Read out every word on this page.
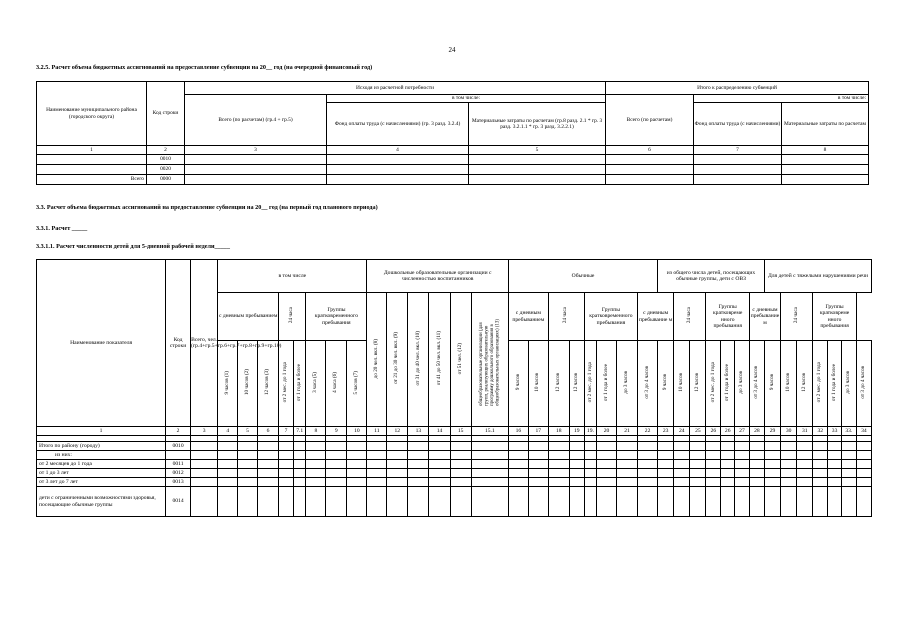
24
3.2.5. Расчет объема бюджетных ассигнований на предоставление субвенции на 20__ год (на очередной финансовый год)
Наименование муниципального района (городского округа)	Код строки	Исходя из расчетной потребности			Итого к распределению субвенций		
		Всего (по расчетам) (гр.4 + гр.5)	в том числе:		Всего (по расчетам)	в том числе:	
			Фонд оплаты труда (с начислениями) (гр. 3 разд. 3.2.4)	Материальные затраты по расчетам (гр.8 разд. 2.1 * гр. 3 разд. 3.2.1.1 * гр. 3 разд. 3.2.2.1)		Фонд оплаты труда (с начислениями)	Материальные затраты по расчетам
1	2	3	4	5	6	7	8
	0010						
	0020						
Всего	0000						
3.3. Расчет объема бюджетных ассигнований на предоставление субвенции на 20__ год (на первый год планового периода)
3.3.1. Расчет _____
3.3.1.1. Расчет численности детей для 5-дневной рабочей недели_____
Наименование показателя	Код строки	Всего, чел. (гр.4+гр.5+гр.6+гр.7+гр.8+гр.9+гр.10)	в том числе								Дошкольные образовательные организации с численностью воспитанников						Обычные								из общего числа детей, посещающих обычные группы, дети с ОВЗ							Для детей с тяжелыми нарушениями речи						
			с дневным пребыванием			24 часа		Группы кратковременного пребывания			до 20 чел. вкл. (8)	от 21 до 30 чел. вкл. (9)	от 31 до 40 чел. вкл. (10)	от 41 до 50 чел. вкл. (11)	от 51 чел. (12)	общеобразовательные организации (для групп, реализующих образовательную программу дошкольного образования в общеобразовательных организациях) (13)	с дневным пребыванием		24 часа		Группы кратковременного пребывания			с дневным пребывание м		24 часа		Группы кратковреме нного пребывания			с дневным пребывание м		24 часа		Группы кратковреме нного пребывания			

			9 часов (1)	10 часов (2)	12 часов (3)	от 2 мес. до 1 года	от 1 года и более	3 часа (5)	4 часа (6)	5 часов (7)							9 часов	10 часов	12 часов	12 часов	от 2 мес. до 1 года	от 1 года и более	до 3 часов	от 3 до 4 часов	9 часов	10 часов	12 часов	от 2 мес. до 1 года	от 1 года и более	до 3 часов	от 3 до 4 часов	9 часов	10 часов	12 часов	от 2 мес. до 1 года	от 1 года и более	до 3 часов	от 3 до 4 часов
1	2	3	4	5	6	7	7.1	8	9	10	11	12	13	14	15	15.1	16	17	18	19	19.	20	21	22	23	24	25	26	26	27	28	29	30	31	32	33	33.	34

Итого по району (городу)	0010																																					
из них:																																						
от 2 месяцев до 1 года	0011																																					
от 1 до 3 лет	0012																																					
от 3 лет до 7 лет	0013																																					
дети с ограниченными возможностями здоровья, посещающие обычные группы	0014																																					
